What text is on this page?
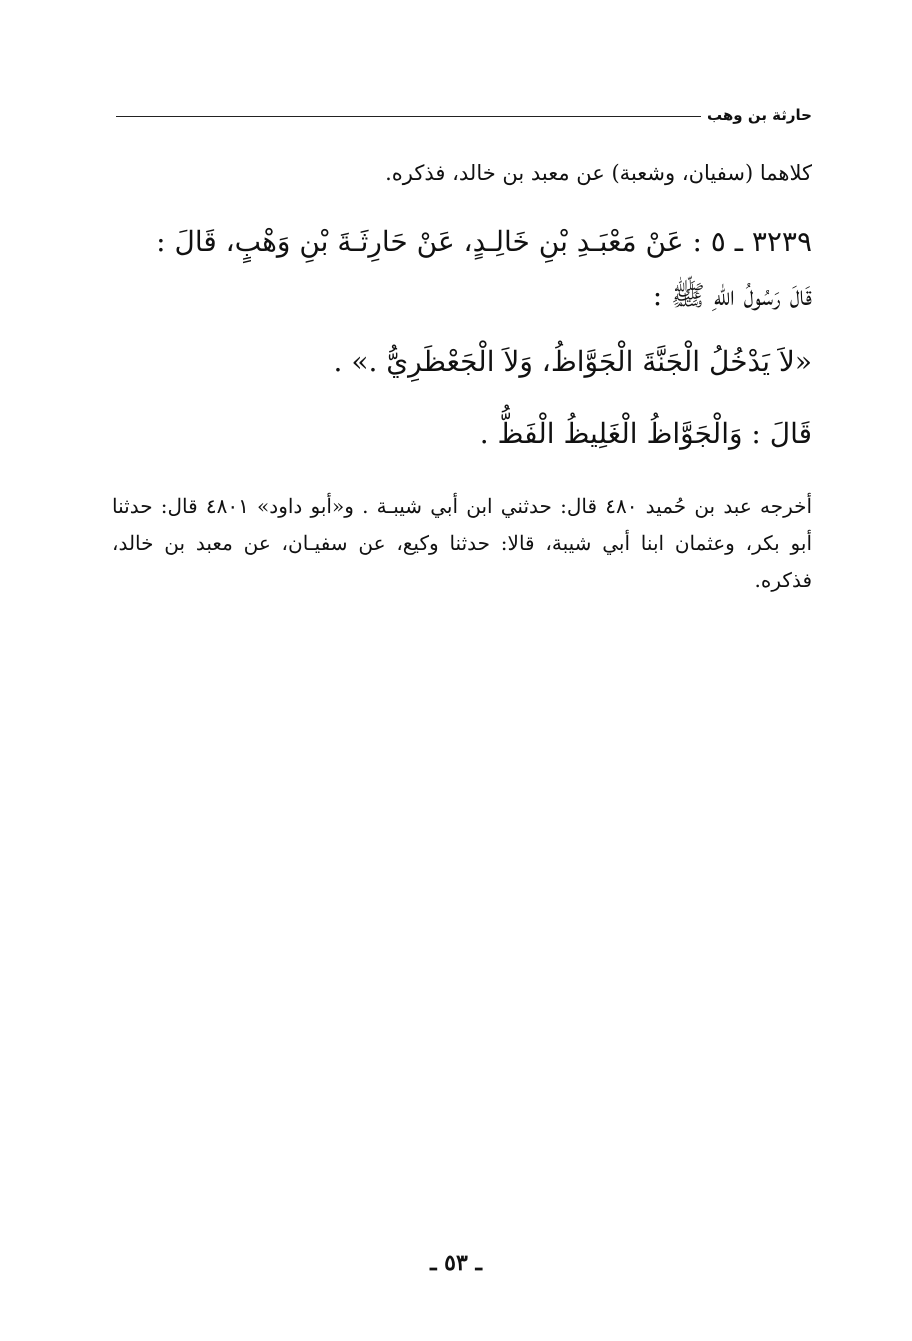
حارثة بن وهب
كلاهما (سفيان، وشعبة) عن معبد بن خالد، فذكره.

٣٢٣٩ ـ ٥ : عَنْ مَعْبَـدِ بْنِ خَالِـدٍ، عَنْ حَارِثَـةَ بْنِ وَهْبٍ، قَالَ :

قَالَ رَسُولُ اللّهِ ﷺ :

«لاَ يَدْخُلُ الْجَنَّةَ الْجَوَّاظُ، وَلاَ الْجَعْظَرِيُّ .» .

قَالَ : وَالْجَوَّاظُ الْغَلِيظُ الْفَظُّ .

أخرجه عبد بن حُميد ٤٨٠ قال: حدثني ابن أبي شيبـة . و«أبو داود» ٤٨٠١ قال: حدثنا أبو بكر، وعثمان ابنا أبي شيبة، قالا: حدثنا وكيع، عن سفيـان، عن معبد بن خالد، فذكره.

ـ ٥٣ ـ
